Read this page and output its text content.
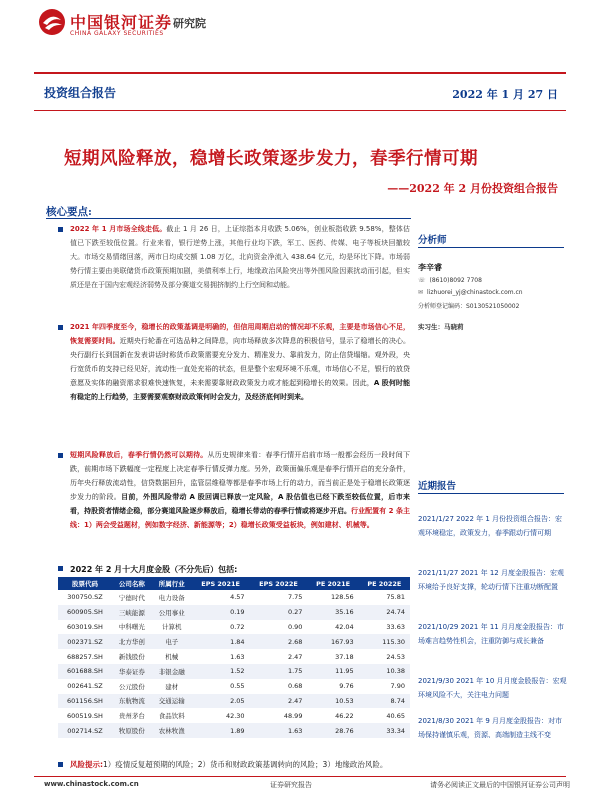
中国银河证券
CHINA GALAXY SECURITIES
研究院
投资组合报告	2022 年 1 月 27 日
短期风险释放，稳增长政策逐步发力，春季行情可期
——2022 年 2 月份投资组合报告
核心要点:
2022 年 1 月市场全线走低。截止 1 月 26 日，上证综指本月收跌 5.06%，创业板指收跌 9.58%，整体估值已下跌至较低位置。行业来看，银行逆势上涨，其他行业均下跌，军工、医药、传媒、电子等板块回撤较大。市场交易情绪回落，两市日均成交额 1.08 万亿，北向资金净流入 438.64 亿元，均是环比下降。市场弱势行情主要由美联储货币政策预期加剧，美债利率上行，地缘政治风险突出等外围风险因素扰动而引起，但实质还是在于国内宏观经济弱势及部分赛道交易拥挤制约上行空间和动能。
2021 年四季度至今，稳增长的政策基调是明确的，但信用周期启动的情况却不乐观，主要是市场信心不足，恢复需要时间。近期央行轮番在可选品种之间降息，向市场释放多次降息的积极信号，显示了稳增长的决心。央行副行长到国新在发表讲话时称货币政策需要充分发力、精准发力、靠前发力，防止信贷塌缩。观外段，央行宽货币的支持已经见好，流动性一直处充裕的状态，但是整个宏观环境不乐观，市场信心不足，银行的放贷意愿及实体的融资需求很难快速恢复，未来需要靠财政政策发力或才能起到稳增长的效果。因此，A 股何时能有稳定的上行趋势，主要需要观察财政政策何时会发力，及经济底何时到来。
短期风险释放后，春季行情仍然可以期待。从历史规律来看：春季行情开启前市场一般都会经历一段时间下跌，前期市场下跌幅度一定程度上决定春季行情反弹力度。另外，政策面偏乐观是春季行情开启的充分条件，历年央行释放流动性，信贷数据回升，监管层维稳等都是春季市场上行的动力，而当前正是处于稳增长政策逐步发力的阶段。目前，外围风险带动 A 股回调已释放一定风险，A 股估值也已经下跌至较低位置，后市来看，持股资者情绪企稳，部分赛道风险逐步释放后，稳增长带动的春季行情或将逐步开启。行业配置有 2 条主线：1）两会受益题材，例如数字经济、新能源等；2）稳增长政策受益板块，例如建材、机械等。
2022 年 2 月十大月度金股（不分先后）包括:
股票代码	公司名称	所属行业	EPS 2021E	EPS 2022E	PE 2021E	PE 2022E
300750.SZ	宁德时代	电力设备	4.57	7.75	128.56	75.81
600905.SH	三峡能源	公用事业	0.19	0.27	35.16	24.74
603019.SH	中科曙光	计算机	0.72	0.90	42.04	33.63
002371.SZ	北方华创	电子	1.84	2.68	167.93	115.30
688257.SH	新钱股份	机械	1.63	2.47	37.18	24.53
601688.SH	华泰证券	非银金融	1.52	1.75	11.95	10.38
002641.SZ	公元股份	建材	0.55	0.68	9.76	7.90
601156.SH	东航物流	交通运输	2.05	2.47	10.53	8.74
600519.SH	贵州茅台	食品饮料	42.30	48.99	46.22	40.65
002714.SZ	牧原股份	农林牧渔	1.89	1.63	28.76	33.34
风险提示:1）疫情反复超预期的风险；2）货币和财政政策基调转向的风险；3）地缘政治风险。
分析师
李辛睿
☏ (8610)8092 7708
✉ lizhuorei_yj@chinastock.com.cn
分析师登记编码：S0130521050002
实习生：马晓莉
近期报告
2021/1/27 2022 年 1 月份投资组合报告：宏观环境稳定，政策发力，春季跟动行情可期
2021/11/27 2021 年 12 月度金股报告：宏观环境给予良好支撑，轮动行情下注重功断配置
2021/10/29 2021 年 11 月月度金股报告：市场难言趋势性机会，注重防御与成长兼备
2021/9/30 2021 年 10 月月度金股报告：宏观环境风险不大，关注电力问题
2021/8/30 2021 年 9 月月度金股报告：对市场保持谨慎乐观，资源、高端制造主线不变
www.chinastock.com.cn	证券研究报告	请务必阅读正文最后的中国银河证券公司声明
